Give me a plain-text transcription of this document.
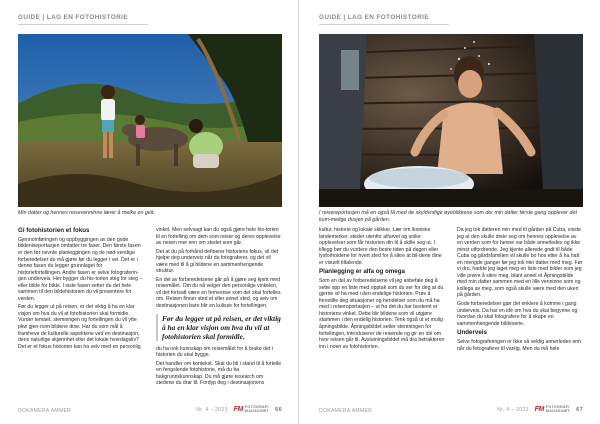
GUIDE | LAG EN FOTOHISTORIE
Min datter og hennes reisevenninne lærer å melke en geit.
Gi fotohistorien et fokus

Gjennomføringen og oppbyggingen av den gode bildeniseportasjen omfatter tre faser. Den første fasen er den før nevnte planleggingen og de nød-vendige forberedelser du må gjøre før du legger i vei. Det er i denne fasen du legger grunnlaget for historiefortellingen. Andre fasen er selve fotograferin-gen underveis. Her bygger du his-torien steg for steg – eller bilde for bilde. I siste fasen setter du det hele sammen til den bildehistorien du vil presentere for verden.

Før du legger ut på reisen, er det viktig å ha en klar visjon om hva du vil at fotohistorien skal formidle. Vurder temaet, stemningen og fortellingen du vil ytte pkw gjen-nom bildene dine. Har du som mål å framheve de kulturelle aspektene ved en destinasjon, dens naturlige skjønnhet eller det lokale hverdagsliv? Det er et fokus historien kan ha selv med en personlig

vinkel. Men selvsagt kan du også gjøre hele his-torien til en fortelling om dem som reiser og deres opplevelse av reisen mer enn om stedet som går.

Det at du på forhånd definerer historiens fokus, vil det hjelpe deg underveis når du fotograferer, og det vil være med til å gi bildene en sammenhengende struktur.

En del av forberedelsene går på å gjøre seg kjent med reisemålet. Om du nå velger den personlige vinkelen, vil det fortsatt være en fernesnse som det skal fortelles om. Reisen finner sted et eller annet sted, og selv om destinasjonen bare blir en kulisse for fortellingen,

Før du legger ut på reisen, er det viktig å ha en klar visjon om hva du vil at fotohistorien skal formidle.

du ha nok kunnskap om reisemålet for å bruke det i historien du skal bygge.

Det handler om kontekst. Skal du bli i stand til å fortelle en fengslende fotohistorie, må du ha bakgrunnskunnskap. Du må gjøre research om stedene du drar til. Fordyp deg i destinasjonens

DOKAMERA AMMER	Nr. 4 – 2023 FM FOTOGRAFI
MAGASINET 66
GUIDE | LAG EN FOTOHISTORIE
I reisereportasjen må en også få med de skyldvisfige øyeblikkene som der min datter første gang opplever det kum-melige dusjen på gården.

kultur, historie og lokale skikker. Lær om ikoniske landemerker, steder utenfor alfarvei og unike opplevelser som får historien din til å skille seg ut. I tillegg bør du vurdere den beste tiden på dagen eller lysforholdene for hvert sted for å sikre at bil-dene dine er visuelt tiltalende.

Planlegging er alfa og omega

Som en del av forberedelsene vil jeg anbefale deg å sette opp en liste med opptak som du ser for deg at du gjerne vil ha med i den endelige historien. Prøv å forestille deg situasjoner og hendelser som du må ha med i reiseroportasjen – ut fra det du har bestemt er historiens vinkel. Dette blir bildene som vil utgjøre stammen i den endelig historien. Tenk også ut et mulig åpningsbilde. Åpningsbildet setter stemningen for fortellingen, introduserer de reisende og gir en idé om hvor reisen går til. Avslutningsbildet må dra betrakteren inn i noen av fotohistorien.

Da jeg tok datteren min med til gården på Cuba, visste jeg at den skulle dreie seg om hennes opplevelse av en verden som for henne var både annerledes og ikke minst utfordrende. Jeg kjente allerede godt til både Cuba og gårdsfamilien vil skulle bo hos etter å ha hatt en mengde ganger før jeg tok min datter med meg. Før vi dro, hadde jeg laget meg en liste med bilder som jeg ville prøve å sikre meg, blant annet et Åpningsbilde med min datter sammen med en lille venninne som og kollega av meg, som også skulle være med den uken på gården.

Gode forberedelser gjør det enklere å komme i gang underveis. Da har en idé om hva du skal begynne og hvordan du skal fotografere for å skape en sammenhengende bildeserie.

Underveis

Selve fotograferingen er ikke så veldig annerledes enn når du fotograferer til vanlig. Men du må hele

DOKAMERA AMMER	Nr. 4 – 2023 FM FOTOGRAFI
MAGASINET 67
